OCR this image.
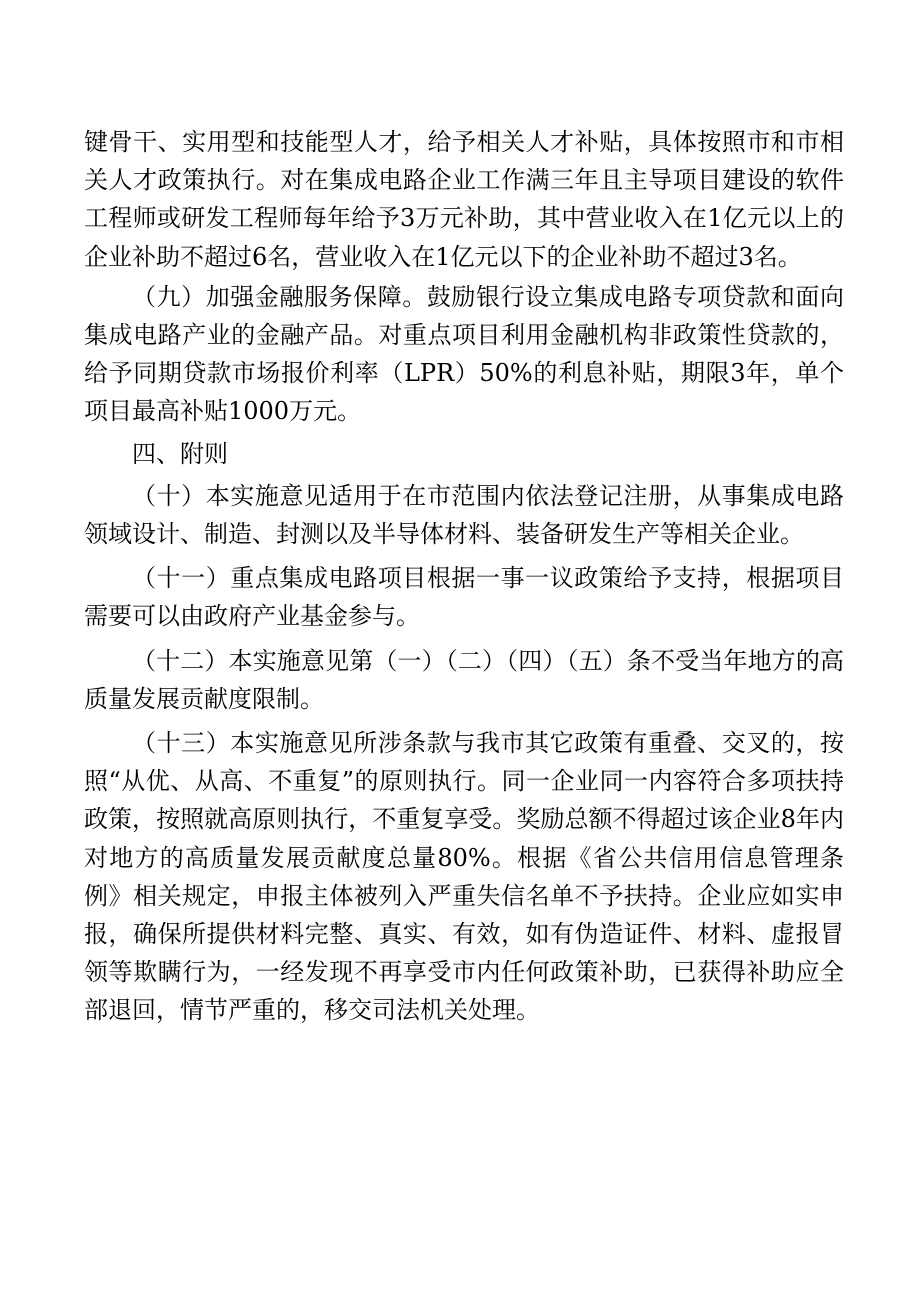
键骨干、实用型和技能型人才，给予相关人才补贴，具体按照市和市相关人才政策执行。对在集成电路企业工作满三年且主导项目建设的软件工程师或研发工程师每年给予3万元补助，其中营业收入在1亿元以上的企业补助不超过6名，营业收入在1亿元以下的企业补助不超过3名。

（九）加强金融服务保障。鼓励银行设立集成电路专项贷款和面向集成电路产业的金融产品。对重点项目利用金融机构非政策性贷款的，给予同期贷款市场报价利率（LPR）50%的利息补贴，期限3年，单个项目最高补贴1000万元。

四、附则

（十）本实施意见适用于在市范围内依法登记注册，从事集成电路领域设计、制造、封测以及半导体材料、装备研发生产等相关企业。

（十一）重点集成电路项目根据一事一议政策给予支持，根据项目需要可以由政府产业基金参与。

（十二）本实施意见第（一）（二）（四）（五）条不受当年地方的高质量发展贡献度限制。

（十三）本实施意见所涉条款与我市其它政策有重叠、交叉的，按照“从优、从高、不重复”的原则执行。同一企业同一内容符合多项扶持政策，按照就高原则执行，不重复享受。奖励总额不得超过该企业8年内对地方的高质量发展贡献度总量80%。根据《省公共信用信息管理条例》相关规定，申报主体被列入严重失信名单不予扶持。企业应如实申报，确保所提供材料完整、真实、有效，如有伪造证件、材料、虚报冒领等欺瞒行为，一经发现不再享受市内任何政策补助，已获得补助应全部退回，情节严重的，移交司法机关处理。
